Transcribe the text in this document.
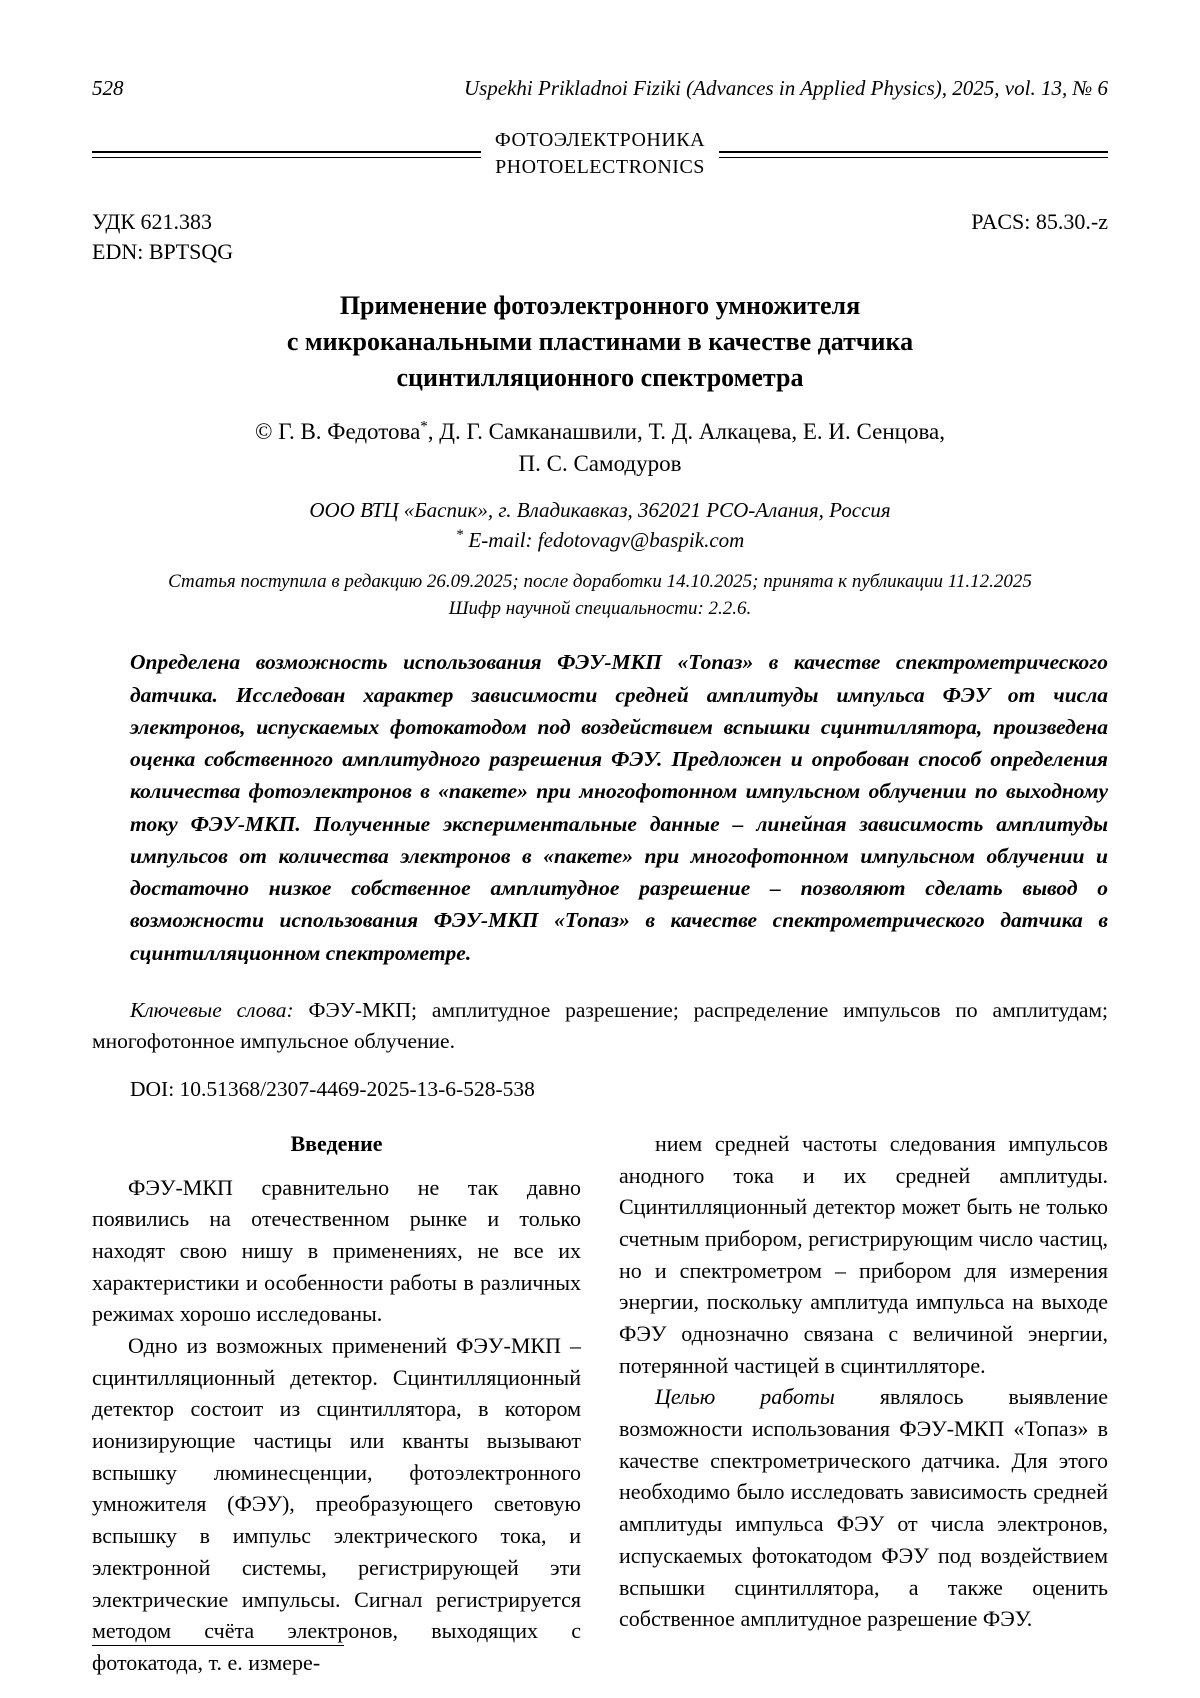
528	Uspekhi Prikladnoi Fiziki (Advances in Applied Physics), 2025, vol. 13, № 6
ФОТОЭЛЕКТРОНИКА
PHOTOELECTRONICS
УДК 621.383
EDN: BPTSQG
PACS: 85.30.-z
Применение фотоэлектронного умножителя
с микроканальными пластинами в качестве датчика
сцинтилляционного спектрометра
© Г. В. Федотова*, Д. Г. Самканашвили, Т. Д. Алкацева, Е. И. Сенцова,
П. С. Самодуров
ООО ВТЦ «Баспик», г. Владикавказ, 362021 РСО-Алания, Россия
* E-mail: fedotovagv@baspik.com
Статья поступила в редакцию 26.09.2025; после доработки 14.10.2025; принята к публикации 11.12.2025
Шифр научной специальности: 2.2.6.
Определена возможность использования ФЭУ-МКП «Топаз» в качестве спектрометрического датчика. Исследован характер зависимости средней амплитуды импульса ФЭУ от числа электронов, испускаемых фотокатодом под воздействием вспышки сцинтиллятора, произведена оценка собственного амплитудного разрешения ФЭУ. Предложен и опробован способ определения количества фотоэлектронов в «пакете» при многофотонном импульсном облучении по выходному току ФЭУ-МКП. Полученные экспериментальные данные – линейная зависимость амплитуды импульсов от количества электронов в «пакете» при многофотонном импульсном облучении и достаточно низкое собственное амплитудное разрешение – позволяют сделать вывод о возможности использования ФЭУ-МКП «Топаз» в качестве спектрометрического датчика в сцинтилляционном спектрометре.
Ключевые слова: ФЭУ-МКП; амплитудное разрешение; распределение импульсов по амплитудам; многофотонное импульсное облучение.
DOI: 10.51368/2307-4469-2025-13-6-528-538
Введение

ФЭУ-МКП сравнительно не так давно появились на отечественном рынке и только находят свою нишу в применениях, не все их характеристики и особенности работы в различных режимах хорошо исследованы.

Одно из возможных применений ФЭУ-МКП – сцинтилляционный детектор. Сцинтилляционный детектор состоит из сцинтиллятора, в котором ионизирующие частицы или кванты вызывают вспышку люминесценции, фотоэлектронного умножителя (ФЭУ), преобразующего световую вспышку в импульс электрического тока, и электронной системы, регистрирующей эти электрические импульсы. Сигнал регистрируется методом счёта электронов, выходящих с фотокатода, т. е. измере-

нием средней частоты следования импульсов анодного тока и их средней амплитуды. Сцинтилляционный детектор может быть не только счетным прибором, регистрирующим число частиц, но и спектрометром – прибором для измерения энергии, поскольку амплитуда импульса на выходе ФЭУ однозначно связана с величиной энергии, потерянной частицей в сцинтилляторе.

Целью работы являлось выявление возможности использования ФЭУ-МКП «Топаз» в качестве спектрометрического датчика. Для этого необходимо было исследовать зависимость средней амплитуды импульса ФЭУ от числа электронов, испускаемых фотокатодом ФЭУ под воздействием вспышки сцинтиллятора, а также оценить собственное амплитудное разрешение ФЭУ.
